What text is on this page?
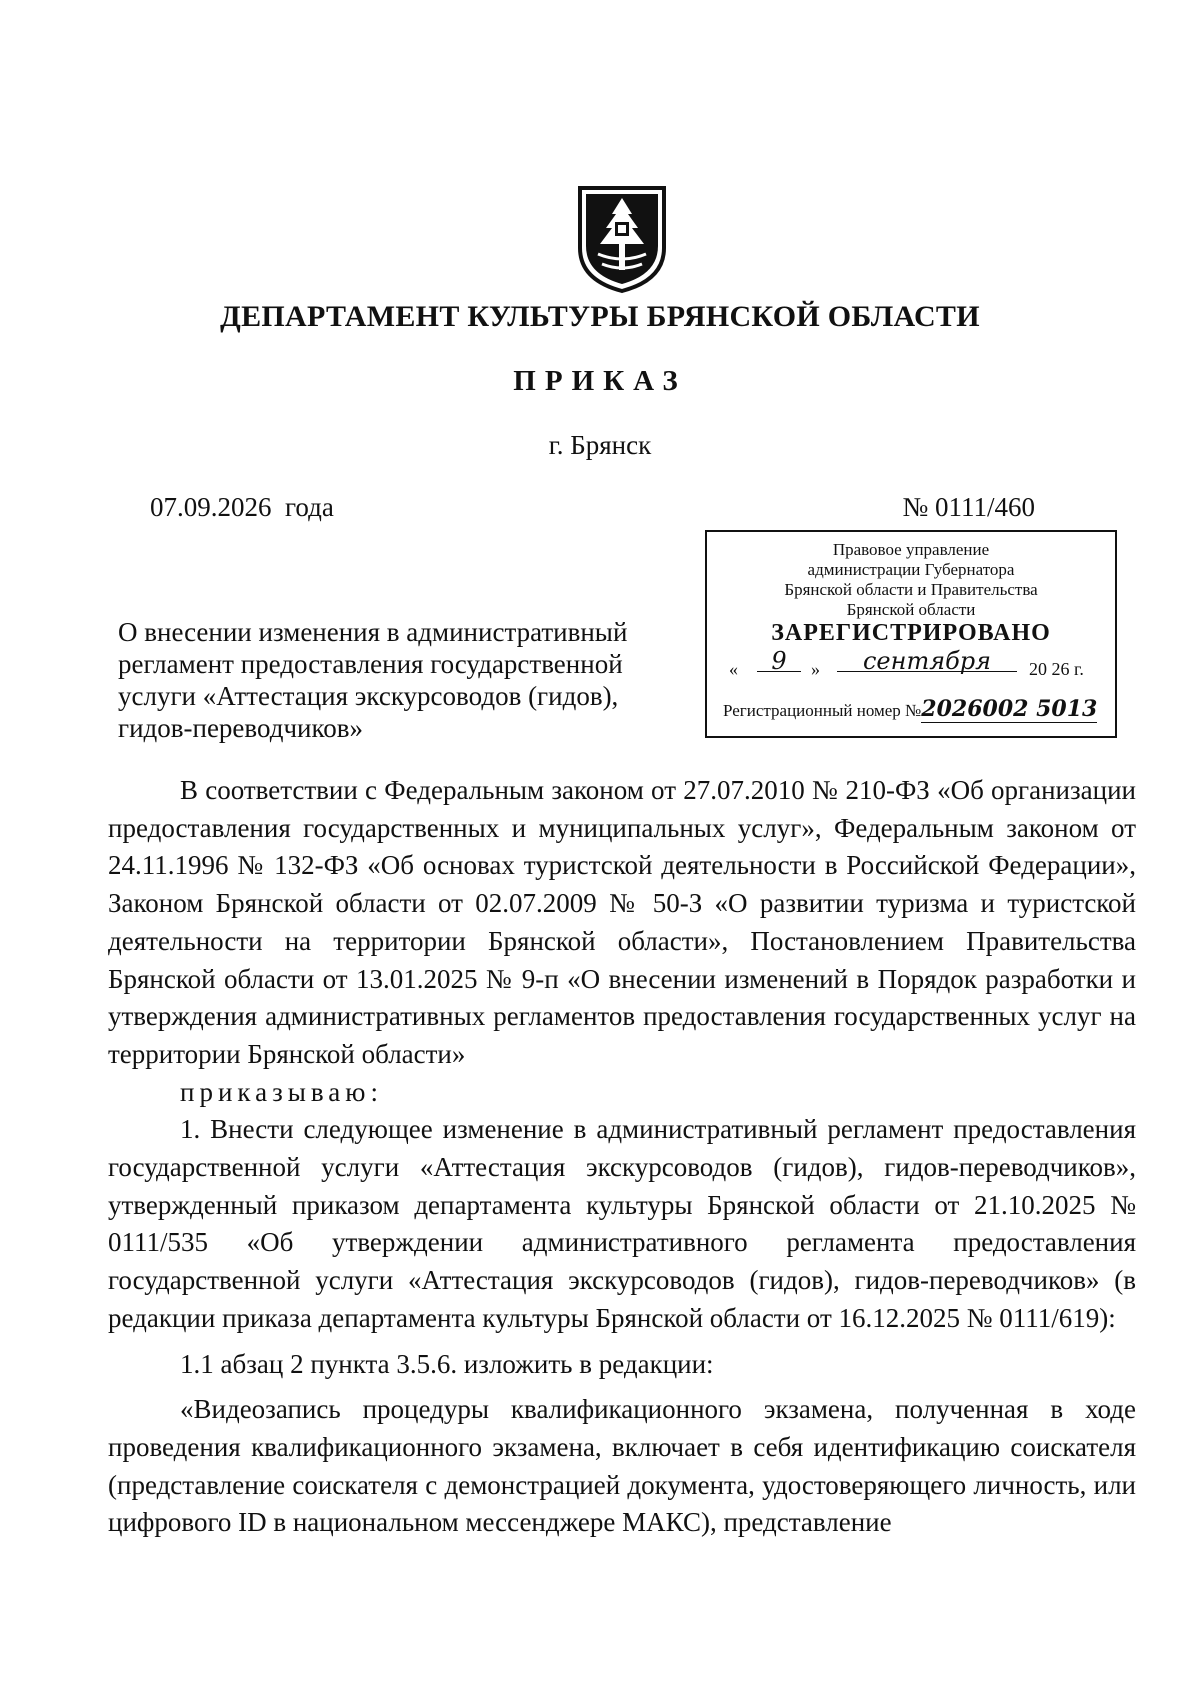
ДЕПАРТАМЕНТ КУЛЬТУРЫ БРЯНСКОЙ ОБЛАСТИ
ПРИКАЗ
г. Брянск
07.09.2026  года	№ 0111/460
Правовое управление
администрации Губернатора
Брянской области и Правительства
Брянской области
ЗАРЕГИСТРИРОВАНО
«	9	»	сентября	20 26 г.
Регистрационный номер №2026002 5013
О внесении изменения в административный регламент предоставления государственной услуги «Аттестация экскурсоводов (гидов), гидов-переводчиков»

В соответствии с Федеральным законом от 27.07.2010 № 210-ФЗ «Об организации предоставления государственных и муниципальных услуг», Федеральным законом от 24.11.1996 № 132-ФЗ «Об основах туристской деятельности в Российской Федерации», Законом Брянской области от 02.07.2009 № 50-З «О развитии туризма и туристской деятельности на территории Брянской области», Постановлением Правительства Брянской области от 13.01.2025 № 9-п «О внесении изменений в Порядок разработки и утверждения административных регламентов предоставления государственных услуг на территории Брянской области»

приказываю:

1. Внести следующее изменение в административный регламент предоставления государственной услуги «Аттестация экскурсоводов (гидов), гидов-переводчиков», утвержденный приказом департамента культуры Брянской области от 21.10.2025 № 0111/535 «Об утверждении административного регламента предоставления государственной услуги «Аттестация экскурсоводов (гидов), гидов-переводчиков» (в редакции приказа департамента культуры Брянской области от 16.12.2025 № 0111/619):

1.1 абзац 2 пункта 3.5.6. изложить в редакции:

«Видеозапись процедуры квалификационного экзамена, полученная в ходе проведения квалификационного экзамена, включает в себя идентификацию соискателя (представление соискателя с демонстрацией документа, удостоверяющего личность, или цифрового ID в национальном мессенджере МАКС), представление
